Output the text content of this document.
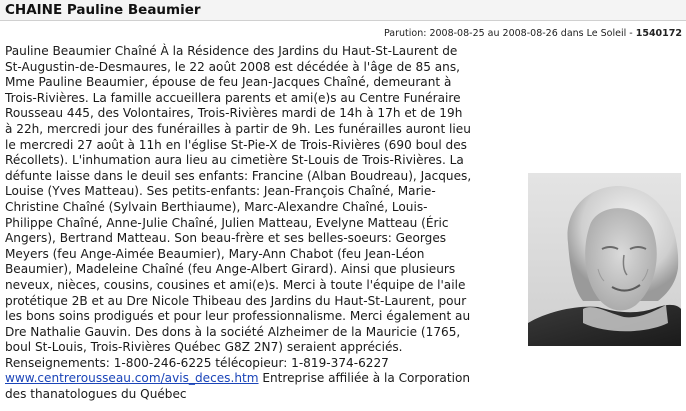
CHAINE Pauline Beaumier
Parution: 2008-08-25 au 2008-08-26 dans Le Soleil - 1540172
Pauline Beaumier Chaîné À la Résidence des Jardins du Haut-St-Laurent de
St-Augustin-de-Desmaures, le 22 août 2008 est décédée à l'âge de 85 ans,
Mme Pauline Beaumier, épouse de feu Jean-Jacques Chaîné, demeurant à
Trois-Rivières. La famille accueillera parents et ami(e)s au Centre Funéraire
Rousseau 445, des Volontaires, Trois-Rivières mardi de 14h à 17h et de 19h
à 22h, mercredi jour des funérailles à partir de 9h. Les funérailles auront lieu
le mercredi 27 août à 11h en l'église St-Pie-X de Trois-Rivières (690 boul des
Récollets). L'inhumation aura lieu au cimetière St-Louis de Trois-Rivières. La
défunte laisse dans le deuil ses enfants: Francine (Alban Boudreau), Jacques,
Louise (Yves Matteau). Ses petits-enfants: Jean-François Chaîné, Marie-
Christine Chaîné (Sylvain Berthiaume), Marc-Alexandre Chaîné, Louis-
Philippe Chaîné, Anne-Julie Chaîné, Julien Matteau, Evelyne Matteau (Éric
Angers), Bertrand Matteau. Son beau-frère et ses belles-soeurs: Georges
Meyers (feu Ange-Aimée Beaumier), Mary-Ann Chabot (feu Jean-Léon
Beaumier), Madeleine Chaîné (feu Ange-Albert Girard). Ainsi que plusieurs
neveux, nièces, cousins, cousines et ami(e)s. Merci à toute l'équipe de l'aile
protétique 2B et au Dre Nicole Thibeau des Jardins du Haut-St-Laurent, pour
les bons soins prodigués et pour leur professionnalisme. Merci également au
Dre Nathalie Gauvin. Des dons à la société Alzheimer de la Mauricie (1765,
boul St-Louis, Trois-Rivières Québec G8Z 2N7) seraient appréciés.
Renseignements: 1-800-246-6225 télécopieur: 1-819-374-6227
www.centrerousseau.com/avis_deces.htm Entreprise affiliée à la Corporation
des thanatologues du Québec
